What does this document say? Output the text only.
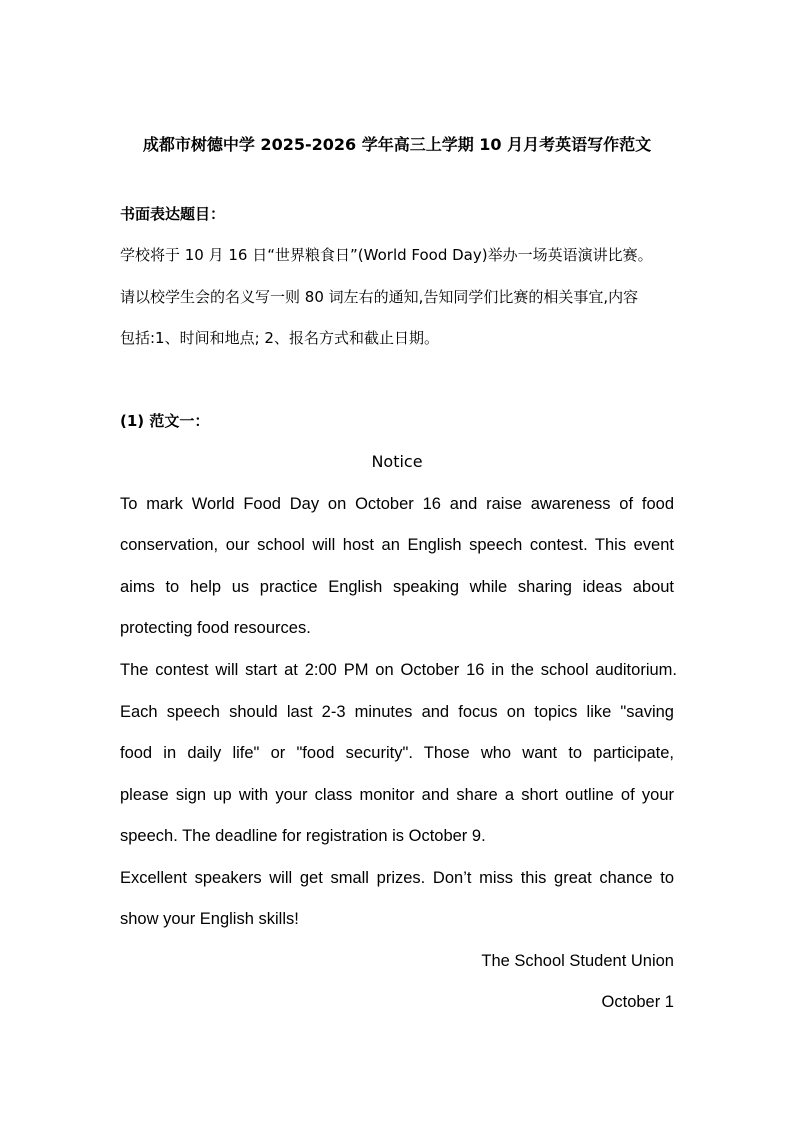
成都市树德中学 2025-2026 学年高三上学期 10 月月考英语写作范文
书面表达题目：
学校将于 10 月 16 日“世界粮食日”(World Food Day)举办一场英语演讲比赛。
请以校学生会的名义写一则 80 词左右的通知,告知同学们比赛的相关事宜,内容
包括:1、时间和地点; 2、报名方式和截止日期。
(1) 范文一：
Notice
To mark World Food Day on October 16 and raise awareness of food
conservation, our school will host an English speech contest. This event
aims to help us practice English speaking while sharing ideas about
protecting food resources.
The contest will start at 2:00 PM on October 16 in the school auditorium.
Each speech should last 2-3 minutes and focus on topics like "saving
food in daily life" or "food security". Those who want to participate,
please sign up with your class monitor and share a short outline of your
speech. The deadline for registration is October 9.
Excellent speakers will get small prizes. Don’t miss this great chance to
show your English skills!
The School Student Union
October 1
